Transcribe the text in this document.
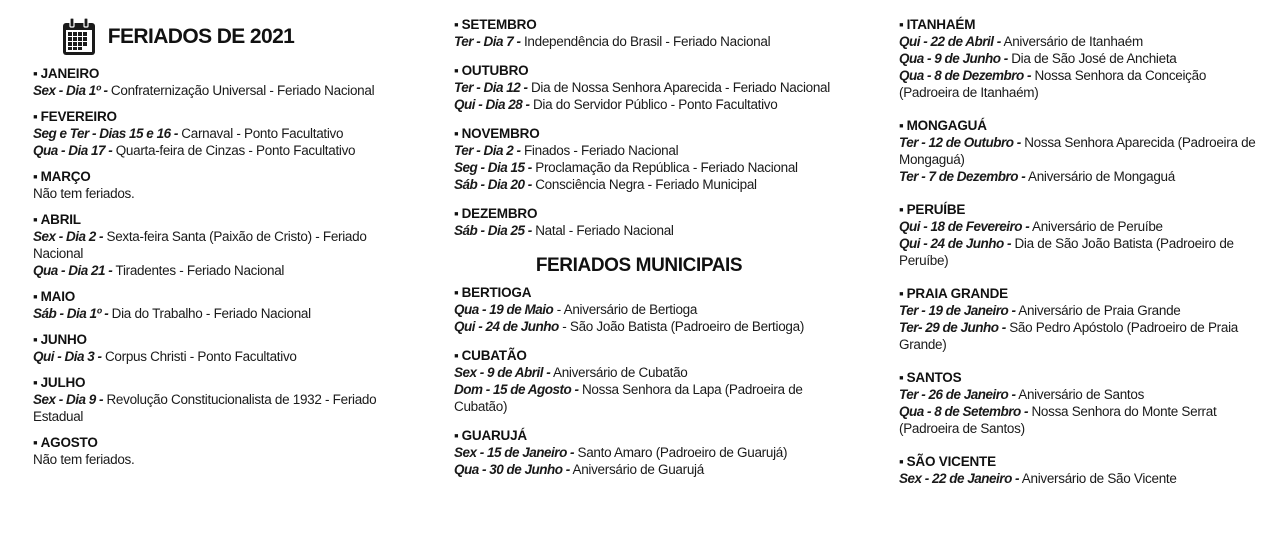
FERIADOS DE 2021
▪ JANEIRO
Sex - Dia 1º - Confraternização Universal - Feriado Nacional
▪ FEVEREIRO
Seg e Ter - Dias 15 e 16 - Carnaval - Ponto Facultativo
Qua - Dia 17 - Quarta-feira de Cinzas - Ponto Facultativo
▪ MARÇO
Não tem feriados.
▪ ABRIL
Sex - Dia 2 - Sexta-feira Santa (Paixão de Cristo) - Feriado Nacional
Qua - Dia 21 - Tiradentes - Feriado Nacional
▪ MAIO
Sáb - Dia 1º - Dia do Trabalho - Feriado Nacional
▪ JUNHO
Qui - Dia 3 - Corpus Christi - Ponto Facultativo
▪ JULHO
Sex - Dia 9 - Revolução Constitucionalista de 1932 - Feriado Estadual
▪ AGOSTO
Não tem feriados.
▪ SETEMBRO
Ter - Dia 7 - Independência do Brasil - Feriado Nacional
▪ OUTUBRO
Ter - Dia 12 - Dia de Nossa Senhora Aparecida - Feriado Nacional
Qui - Dia 28 - Dia do Servidor Público - Ponto Facultativo
▪ NOVEMBRO
Ter - Dia 2 - Finados - Feriado Nacional
Seg - Dia 15 - Proclamação da República - Feriado Nacional
Sáb - Dia 20 - Consciência Negra - Feriado Municipal
▪ DEZEMBRO
Sáb - Dia 25 - Natal - Feriado Nacional
FERIADOS MUNICIPAIS
▪ BERTIOGA
Qua - 19 de Maio - Aniversário de Bertioga
Qui - 24 de Junho - São João Batista (Padroeiro de Bertioga)
▪ CUBATÃO
Sex - 9 de Abril - Aniversário de Cubatão
Dom - 15 de Agosto - Nossa Senhora da Lapa (Padroeira de Cubatão)
▪ GUARUJÁ
Sex - 15 de Janeiro - Santo Amaro (Padroeiro de Guarujá)
Qua - 30 de Junho - Aniversário de Guarujá
▪ ITANHAÉM
Qui - 22 de Abril - Aniversário de Itanhaém
Qua - 9 de Junho - Dia de São José de Anchieta
Qua - 8 de Dezembro - Nossa Senhora da Conceição (Padroeira de Itanhaém)
▪ MONGAGUÁ
Ter - 12 de Outubro - Nossa Senhora Aparecida (Padroeira de Mongaguá)
Ter - 7 de Dezembro - Aniversário de Mongaguá
▪ PERUÍBE
Qui - 18 de Fevereiro - Aniversário de Peruíbe
Qui - 24 de Junho - Dia de São João Batista (Padroeiro de Peruíbe)
▪ PRAIA GRANDE
Ter - 19 de Janeiro - Aniversário de Praia Grande
Ter- 29 de Junho - São Pedro Apóstolo (Padroeiro de Praia Grande)
▪ SANTOS
Ter - 26 de Janeiro - Aniversário de Santos
Qua - 8 de Setembro - Nossa Senhora do Monte Serrat (Padroeira de Santos)
▪ SÃO VICENTE
Sex - 22 de Janeiro - Aniversário de São Vicente
